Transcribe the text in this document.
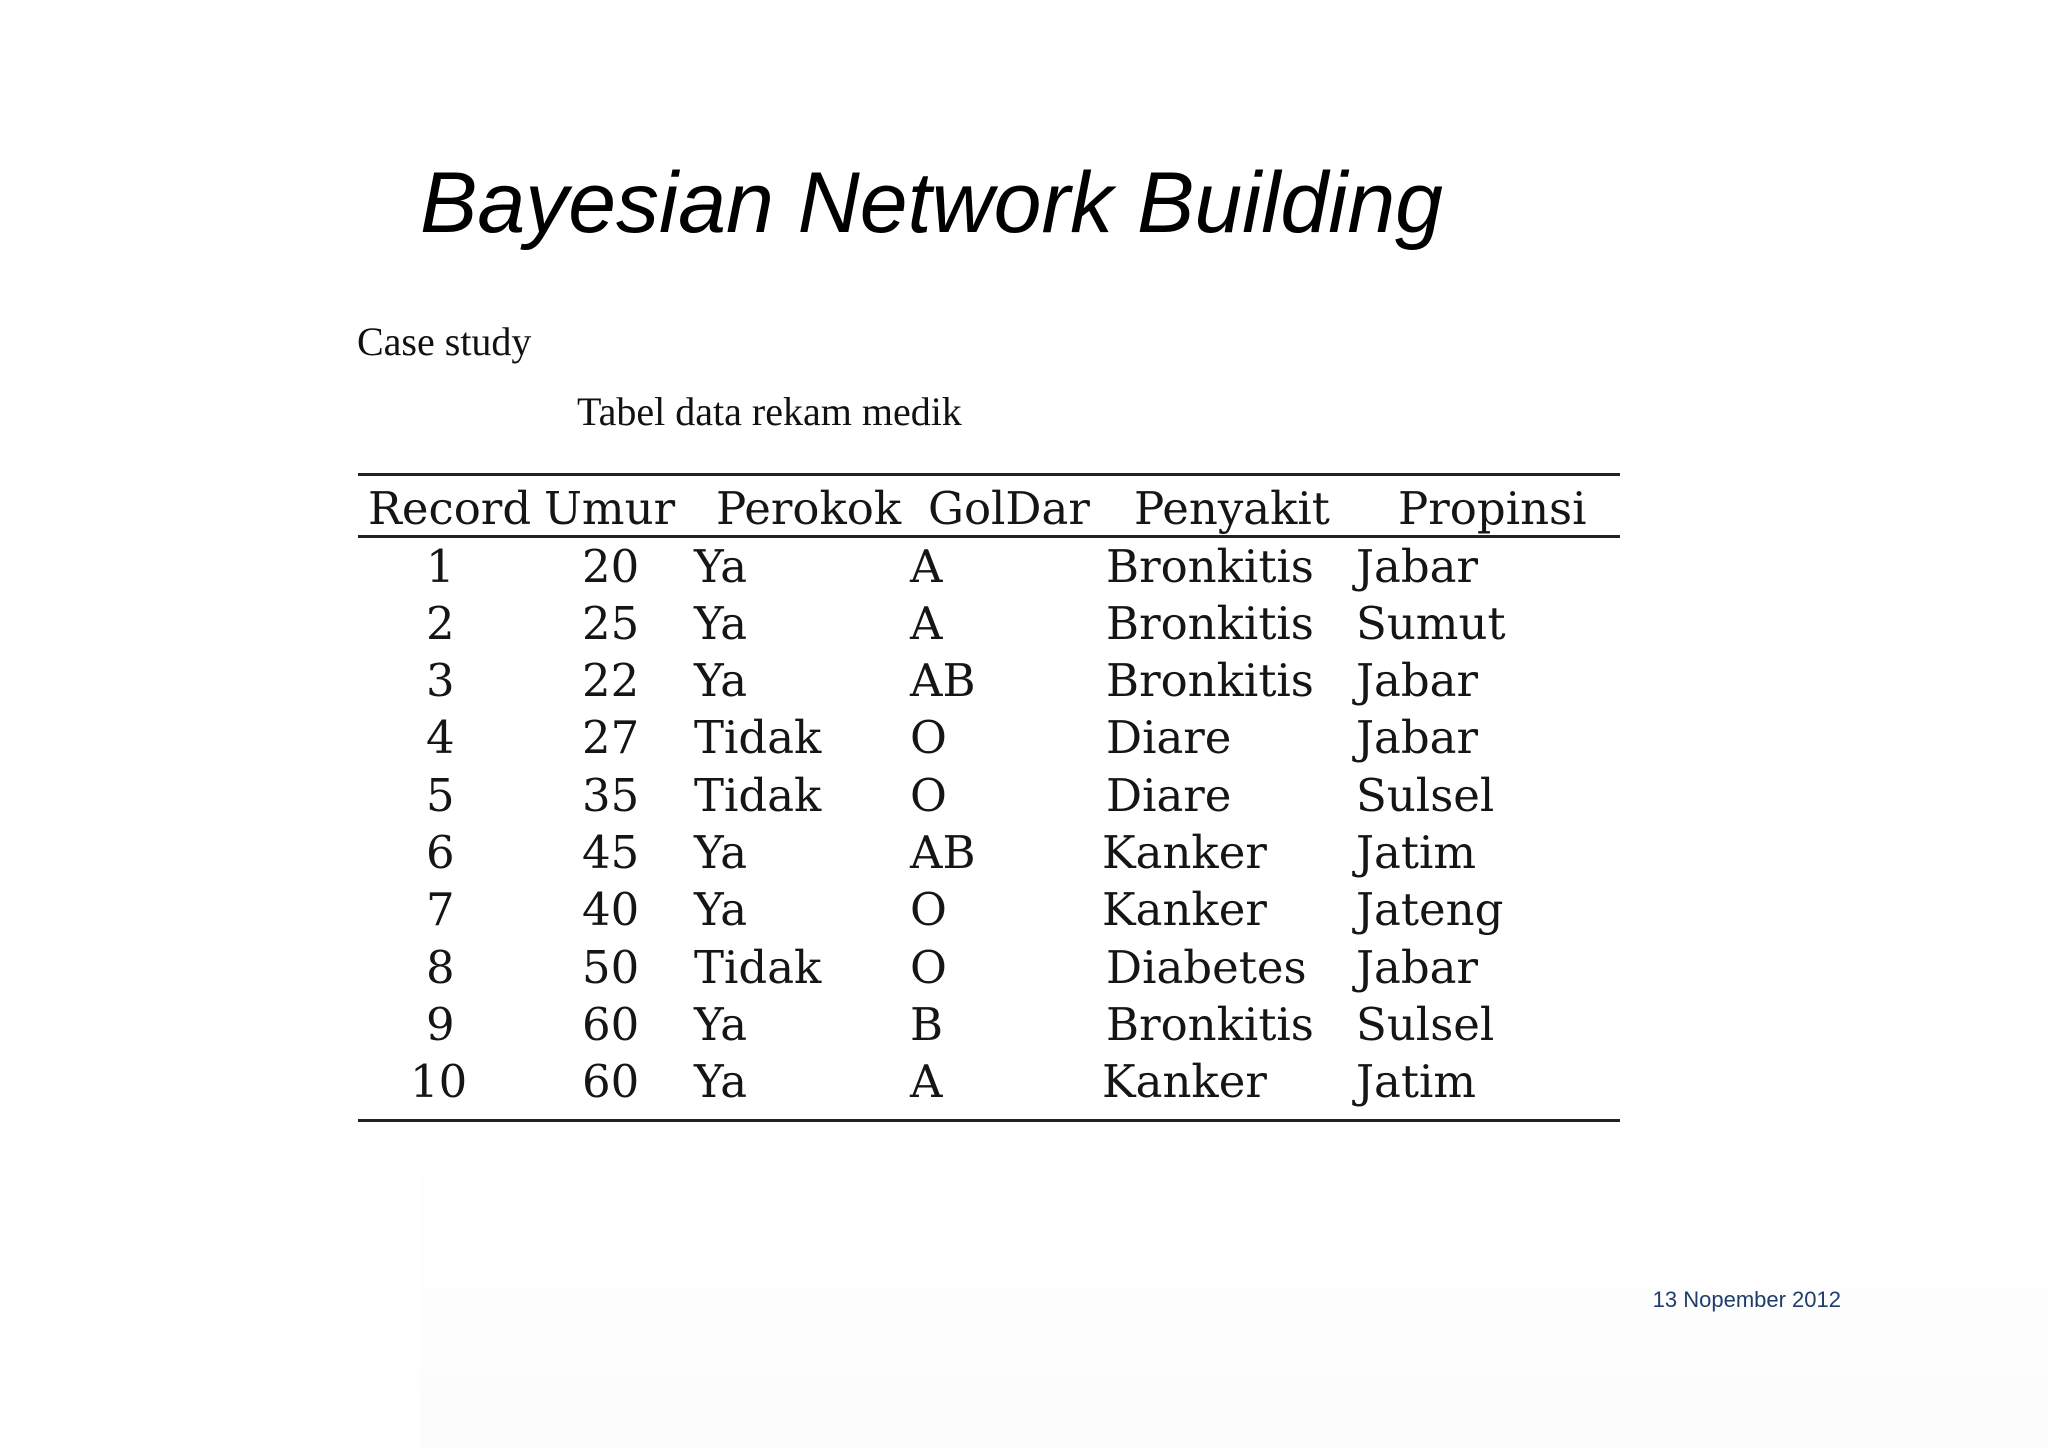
Bayesian Network Building
Case study
Tabel data rekam medik
Record Umur Perokok GolDar Penyakit Propinsi
1	20 Ya	A	Bronkitis Jabar
2	25 Ya	A	Bronkitis Sumut
3	22 Ya	AB	Bronkitis Jabar
4	27 Tidak O	Diare	Jabar
5	35 Tidak O	Diare	Sulsel
6	45 Ya	AB	Kanker Jatim
7	40 Ya	O	Kanker Jateng
8	50 Tidak O	Diabetes Jabar
9	60 Ya	B	Bronkitis Sulsel
10	60 Ya	A	Kanker Jatim
13 Nopember 2012
